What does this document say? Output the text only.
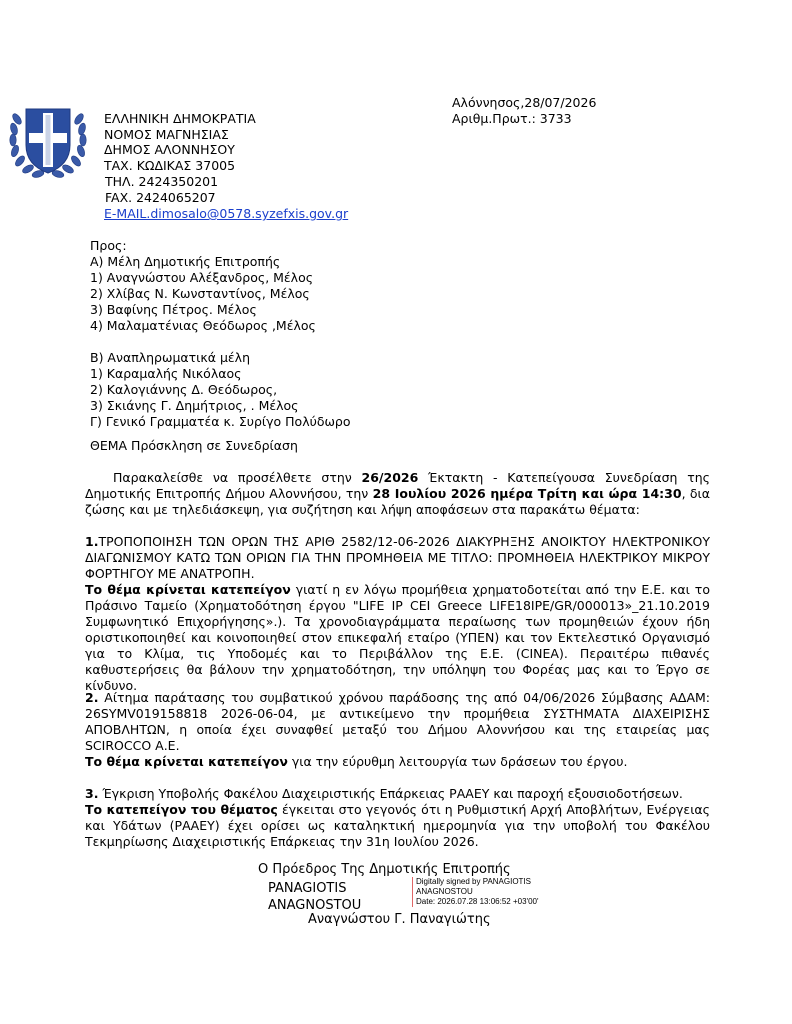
Αλόννησος,28/07/2026
Αριθμ.Πρωτ.: 3733
ΕΛΛΗΝΙΚΗ ΔΗΜΟΚΡΑΤΙΑ
ΝΟΜΟΣ ΜΑΓΝΗΣΙΑΣ
ΔΗΜΟΣ ΑΛΟΝΝΗΣΟΥ
ΤΑΧ. ΚΩΔΙΚΑΣ 37005
ΤΗΛ. 2424350201
FAX. 2424065207
E-MAIL.dimosalo@0578.syzefxis.gov.gr
Προς:
Α) Μέλη Δημοτικής Επιτροπής
1) Αναγνώστου Αλέξανδρος, Μέλος
2) Χλίβας Ν. Κωνσταντίνος, Μέλος
3) Βαφίνης Πέτρος. Μέλος
4) Μαλαματένιας Θεόδωρος ,Μέλος
Β) Αναπληρωματικά μέλη
1) Καραμαλής Νικόλαος
2) Καλογιάννης Δ. Θεόδωρος,
3) Σκιάνης Γ. Δημήτριος, . Μέλος
Γ) Γενικό Γραμματέα κ. Συρίγο Πολύδωρο
ΘΕΜΑ Πρόσκληση σε Συνεδρίαση
Παρακαλείσθε να προσέλθετε στην 26/2026 Έκτακτη - Κατεπείγουσα Συνεδρίαση της Δημοτικής Επιτροπής Δήμου Αλοννήσου, την 28 Ιουλίου 2026 ημέρα Τρίτη και ώρα 14:30, δια ζώσης και με τηλεδιάσκεψη, για συζήτηση και λήψη αποφάσεων στα παρακάτω θέματα:
1.ΤΡΟΠΟΠΟΙΗΣΗ ΤΩΝ ΟΡΩΝ ΤΗΣ ΑΡΙΘ 2582/12-06-2026 ΔΙΑΚΥΡΗΞΗΣ ΑΝΟΙΚΤΟΥ ΗΛΕΚΤΡΟΝΙΚΟΥ ΔΙΑΓΩΝΙΣΜΟΥ ΚΑΤΩ ΤΩΝ ΟΡΙΩΝ ΓΙΑ ΤΗΝ ΠΡΟΜΗΘΕΙΑ ΜΕ ΤΙΤΛΟ: ΠΡΟΜΗΘΕΙΑ ΗΛΕΚΤΡΙΚΟΥ ΜΙΚΡΟΥ ΦΟΡΤΗΓΟΥ ΜΕ ΑΝΑΤΡΟΠΗ.
Το θέμα κρίνεται κατεπείγον γιατί η εν λόγω προμήθεια χρηματοδοτείται από την Ε.Ε. και το Πράσινο Ταμείο (Χρηματοδότηση έργου "LIFE IP CEI Greece LIFE18IPE/GR/000013»_21.10.2019 Συμφωνητικό Επιχορήγησης».). Τα χρονοδιαγράμματα περαίωσης των προμηθειών έχουν ήδη οριστικοποιηθεί και κοινοποιηθεί στον επικεφαλή εταίρο (ΥΠΕΝ) και τον Εκτελεστικό Οργανισμό για το Κλίμα, τις Υποδομές και το Περιβάλλον της Ε.Ε. (CINEA). Περαιτέρω πιθανές καθυστερήσεις θα βάλουν την χρηματοδότηση, την υπόληψη του Φορέας μας και το Έργο σε κίνδυνο.
2. Αίτημα παράτασης του συμβατικού χρόνου παράδοσης της από 04/06/2026 Σύμβασης ΑΔΑΜ: 26SYMV019158818 2026-06-04, με αντικείμενο την προμήθεια ΣΥΣΤΗΜΑΤΑ ΔΙΑΧΕΙΡΙΣΗΣ ΑΠΟΒΛΗΤΩΝ, η οποία έχει συναφθεί μεταξύ του Δήμου Αλοννήσου και της εταιρείας μας SCIROCCO Α.Ε.
Το θέμα κρίνεται κατεπείγον για την εύρυθμη λειτουργία των δράσεων του έργου.
3. Έγκριση Υποβολής Φακέλου Διαχειριστικής Επάρκειας ΡΑΑΕΥ και παροχή εξουσιοδοτήσεων.
Το κατεπείγον του θέματος έγκειται στο γεγονός ότι η Ρυθμιστική Αρχή Αποβλήτων, Ενέργειας και Υδάτων (ΡΑΑΕΥ) έχει ορίσει ως καταληκτική ημερομηνία για την υποβολή του Φακέλου Τεκμηρίωσης Διαχειριστικής Επάρκειας την 31η Ιουλίου 2026.
Ο Πρόεδρος Της Δημοτικής Επιτροπής
PANAGIOTIS
ANAGNOSTOU
Digitally signed by PANAGIOTIS
ANAGNOSTOU
Date: 2026.07.28 13:06:52 +03'00'
Αναγνώστου Γ. Παναγιώτης
